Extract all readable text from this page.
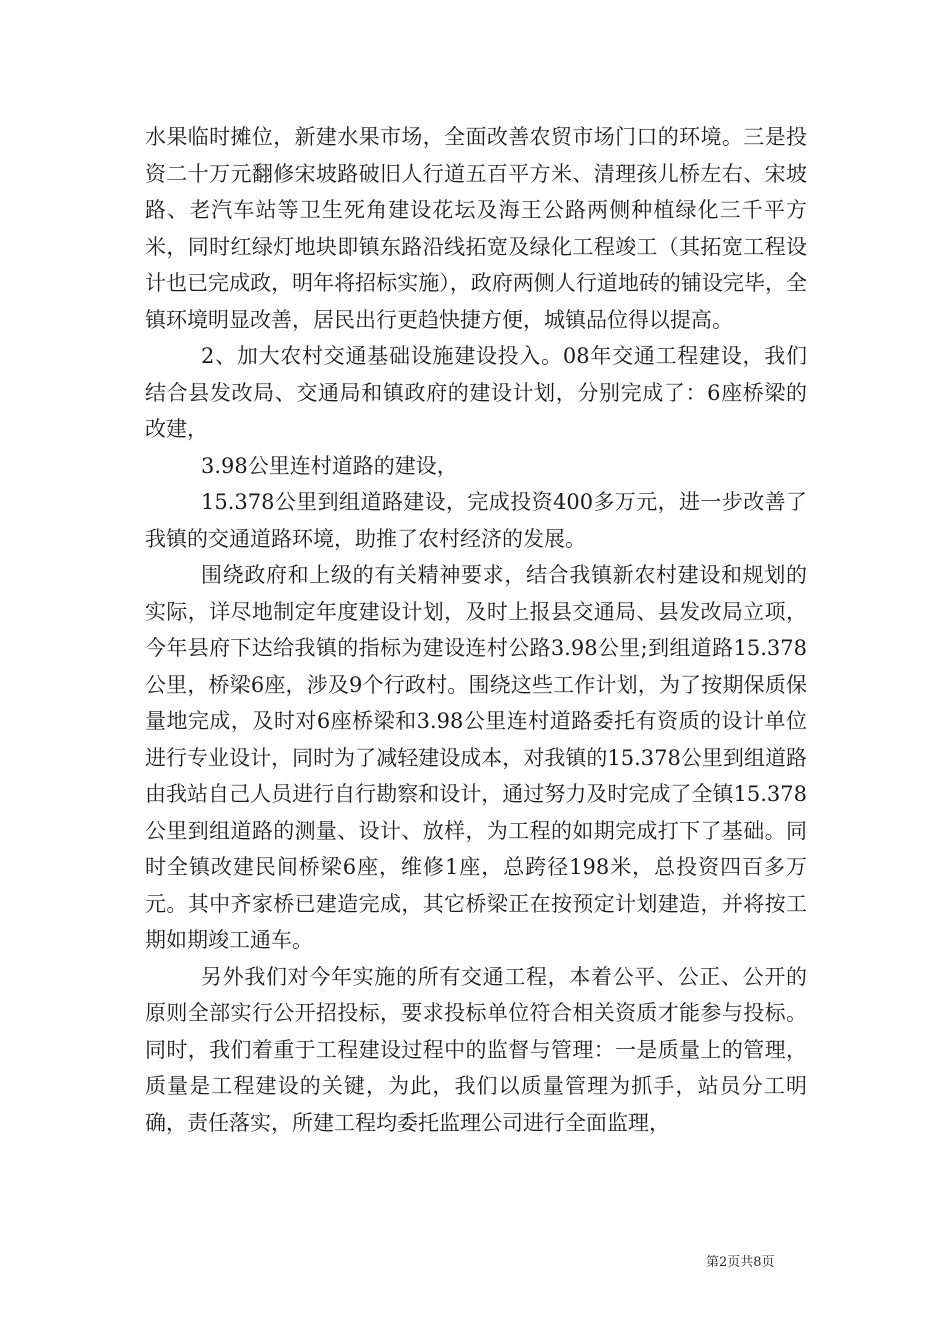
水果临时摊位，新建水果市场，全面改善农贸市场门口的环境。三是投资二十万元翻修宋坡路破旧人行道五百平方米、清理孩儿桥左右、宋坡路、老汽车站等卫生死角建设花坛及海王公路两侧种植绿化三千平方米，同时红绿灯地块即镇东路沿线拓宽及绿化工程竣工（其拓宽工程设计也已完成政，明年将招标实施），政府两侧人行道地砖的铺设完毕，全镇环境明显改善，居民出行更趋快捷方便，城镇品位得以提高。

2、加大农村交通基础设施建设投入。08年交通工程建设，我们结合县发改局、交通局和镇政府的建设计划，分别完成了：6座桥梁的改建，

3.98公里连村道路的建设，

15.378公里到组道路建设，完成投资400多万元，进一步改善了我镇的交通道路环境，助推了农村经济的发展。

围绕政府和上级的有关精神要求，结合我镇新农村建设和规划的实际，详尽地制定年度建设计划，及时上报县交通局、县发改局立项，今年县府下达给我镇的指标为建设连村公路3.98公里;到组道路15.378公里，桥梁6座，涉及9个行政村。围绕这些工作计划，为了按期保质保量地完成，及时对6座桥梁和3.98公里连村道路委托有资质的设计单位进行专业设计，同时为了减轻建设成本，对我镇的15.378公里到组道路由我站自己人员进行自行勘察和设计，通过努力及时完成了全镇15.378公里到组道路的测量、设计、放样，为工程的如期完成打下了基础。同时全镇改建民间桥梁6座，维修1座，总跨径198米，总投资四百多万元。其中齐家桥已建造完成，其它桥梁正在按预定计划建造，并将按工期如期竣工通车。

另外我们对今年实施的所有交通工程，本着公平、公正、公开的原则全部实行公开招投标，要求投标单位符合相关资质才能参与投标。同时，我们着重于工程建设过程中的监督与管理：一是质量上的管理，质量是工程建设的关键，为此，我们以质量管理为抓手，站员分工明确，责任落实，所建工程均委托监理公司进行全面监理，

第2页共8页
